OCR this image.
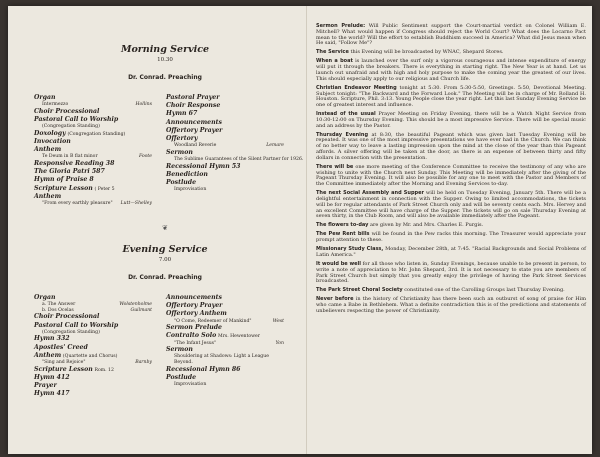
Morning Service
10.30
Dr. Conrad. Preaching
Organ
Intermezzo	Hollins
Choir Processional
Pastoral Call to Worship
(Congregation Standing)
Doxology (Congregation Standing)
Invocation
Anthem
Te Deum in B flat minor	Foote
Responsive Reading 38
The Gloria Patri 587
Hymn of Praise 8
Scripture Lesson ( Peter 5
Anthem
"From every earthly pleasure" Lutt—Shelley
Pastoral Prayer
Choir Response
Hymn 67
Announcements
Offertory Prayer
Offertory
Woodland Reverie	Lemare
Sermon
The Sublime Guarantees of the Silent Partner for 1926.
Recessional Hymn 53
Benediction
Postlude
Improvisation
❦
Evening Service
7.00
Dr. Conrad. Preaching
Organ
a. The Answer	Wolstenholme
b. Dos Ocelas	Guilmant
Choir Processional
Pastoral Call to Worship
(Congregation Standing)
Hymn 332
Apostles' Creed
Anthem (Quartette and Chorus)
"Sing and Rejoice"	Barnby
Scripture Lesson Rom. 12
Hymn 412
Prayer
Hymn 417
Announcements
Offertory Prayer
Offertory Anthem
"O Come, Redeemer of Mankind"	West
Sermon Prelude
Contralto Solo Mrs. Hewentower
"The Infant Jesus"	Yon
Sermon
Shouldering at Shadows: Light a League
Beyond.
Recessional Hymn 86
Postlude
Improvisation

Sermon Prelude: Will Public Sentiment support the Court-martial verdict on Colonel William E. Mitchell? What would happen if Congress should reject the World Court? What does the Locarno Pact mean to the world? Will the effort to establish Buddhism succeed in America? What did Jesus mean when He said, "Follow Me"?

The Service this Evening will be broadcasted by WNAC, Shepard Stores.

When a boat is launched over the surf only a vigorous courageous and intense expenditure of energy will put it through the breakers. There is everything in starting right. The New Year is at hand. Let us launch out unafraid and with high and holy purpose to make the coming year the greatest of our lives. This should especially apply to our religious and Church life.

Christian Endeavor Meeting tonight at 5:30. From 5:30-5:50, Greetings. 5:50, Devotional Meeting. Subject tonight: "The Backward and the Forward Look." The Meeting will be in charge of Mr. Rolland H. Houston. Scripture, Phil. 3:13. Young People close the year right. Let this last Sunday Evening Service be one of greatest interest and influence.

Instead of the usual Prayer Meeting on Friday Evening, there will be a Watch Night Service from 10:30-12:00 on Thursday Evening. This should be a most impressive Service. There will be special music and an address by the Pastor.

Thursday Evening at 8:30, the beautiful Pageant which was given last Tuesday Evening will be repeated. It was one of the most impressive presentations we have ever had in the Church. We can think of no better way to leave a lasting impression upon the mind at the close of the year than this Pageant affords. A silver offering will be taken at the door, as there is an expense of between thirty and fifty dollars in connection with the presentation.

There will be one more meeting of the Conference Committee to receive the testimony of any who are wishing to unite with the Church next Sunday. This Meeting will be immediately after the giving of the Pageant Thursday Evening. It will also be possible for any one to meet with the Pastor and Members of the Committee immediately after the Morning and Evening Services to-day.

The next Social Assembly and Supper will be held on Tuesday Evening, January 5th. There will be a delightful entertainment in connection with the Supper. Owing to limited accommodations, the tickets will be for regular attendants of Park Street Church only and will be seventy cents each. Mrs. Hervey and an excellent Committee will have charge of the Supper. The tickets will go on sale Thursday Evening at seven thirty, in the Club Room, and will also be available immediately after the Pageant.

The flowers to-day are given by Mr. and Mrs. Charles E. Purgis.

The Pew Rent bills will be found in the Pew racks this morning. The Treasurer would appreciate your prompt attention to these.

Missionary Study Class, Monday, December 28th, at 7:45. "Racial Backgrounds and Social Problems of Latin America."

It would be well for all those who listen in, Sunday Evenings, because unable to be present in person, to write a note of appreciation to Mr. John Shepard, 3rd. It is not necessary to state you are members of Park Street Church but simply that you greatly enjoy the privilege of having the Park Street Services broadcasted.

The Park Street Choral Society constituted one of the Carolling Groups last Thursday Evening.

Never before in the history of Christianity has there been such an outburst of song of praise for Him who came a Babe in Bethlehem. What a definite contradiction this is of the predictions and statements of unbelievers respecting the power of Christianity.
